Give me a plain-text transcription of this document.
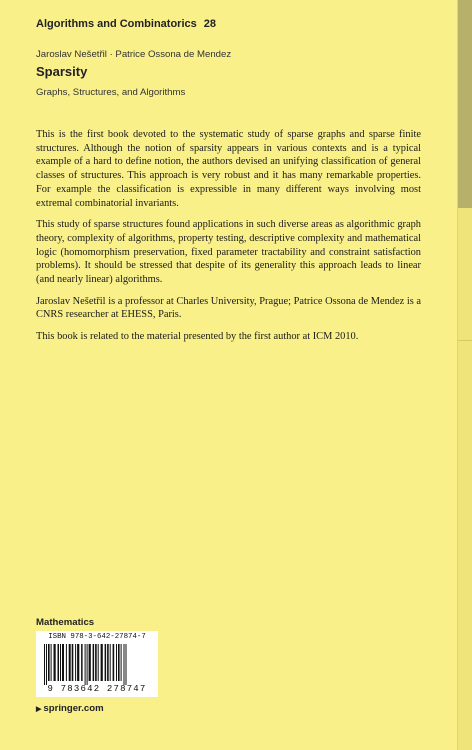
Algorithms and Combinatorics 28
Jaroslav Nešetřil · Patrice Ossona de Mendez
Sparsity
Graphs, Structures, and Algorithms

This is the first book devoted to the systematic study of sparse graphs and sparse finite structures. Although the notion of sparsity appears in various contexts and is a typical example of a hard to define notion, the authors devised an unifying classification of general classes of structures. This approach is very robust and it has many remarkable properties. For example the classification is expressible in many different ways involving most extremal combinatorial invariants.

This study of sparse structures found applications in such diverse areas as algorithmic graph theory, complexity of algorithms, property testing, descriptive complexity and mathematical logic (homomorphism preservation, fixed parameter tractability and constraint satisfaction problems). It should be stressed that despite of its generality this approach leads to linear (and nearly linear) algorithms.

Jaroslav Nešetřil is a professor at Charles University, Prague; Patrice Ossona de Mendez is a CNRS researcher at EHESS, Paris.

This book is related to the material presented by the first author at ICM 2010.

Mathematics
ISBN 978-3-642-27874-7
9 783642 278747
▶ springer.com
